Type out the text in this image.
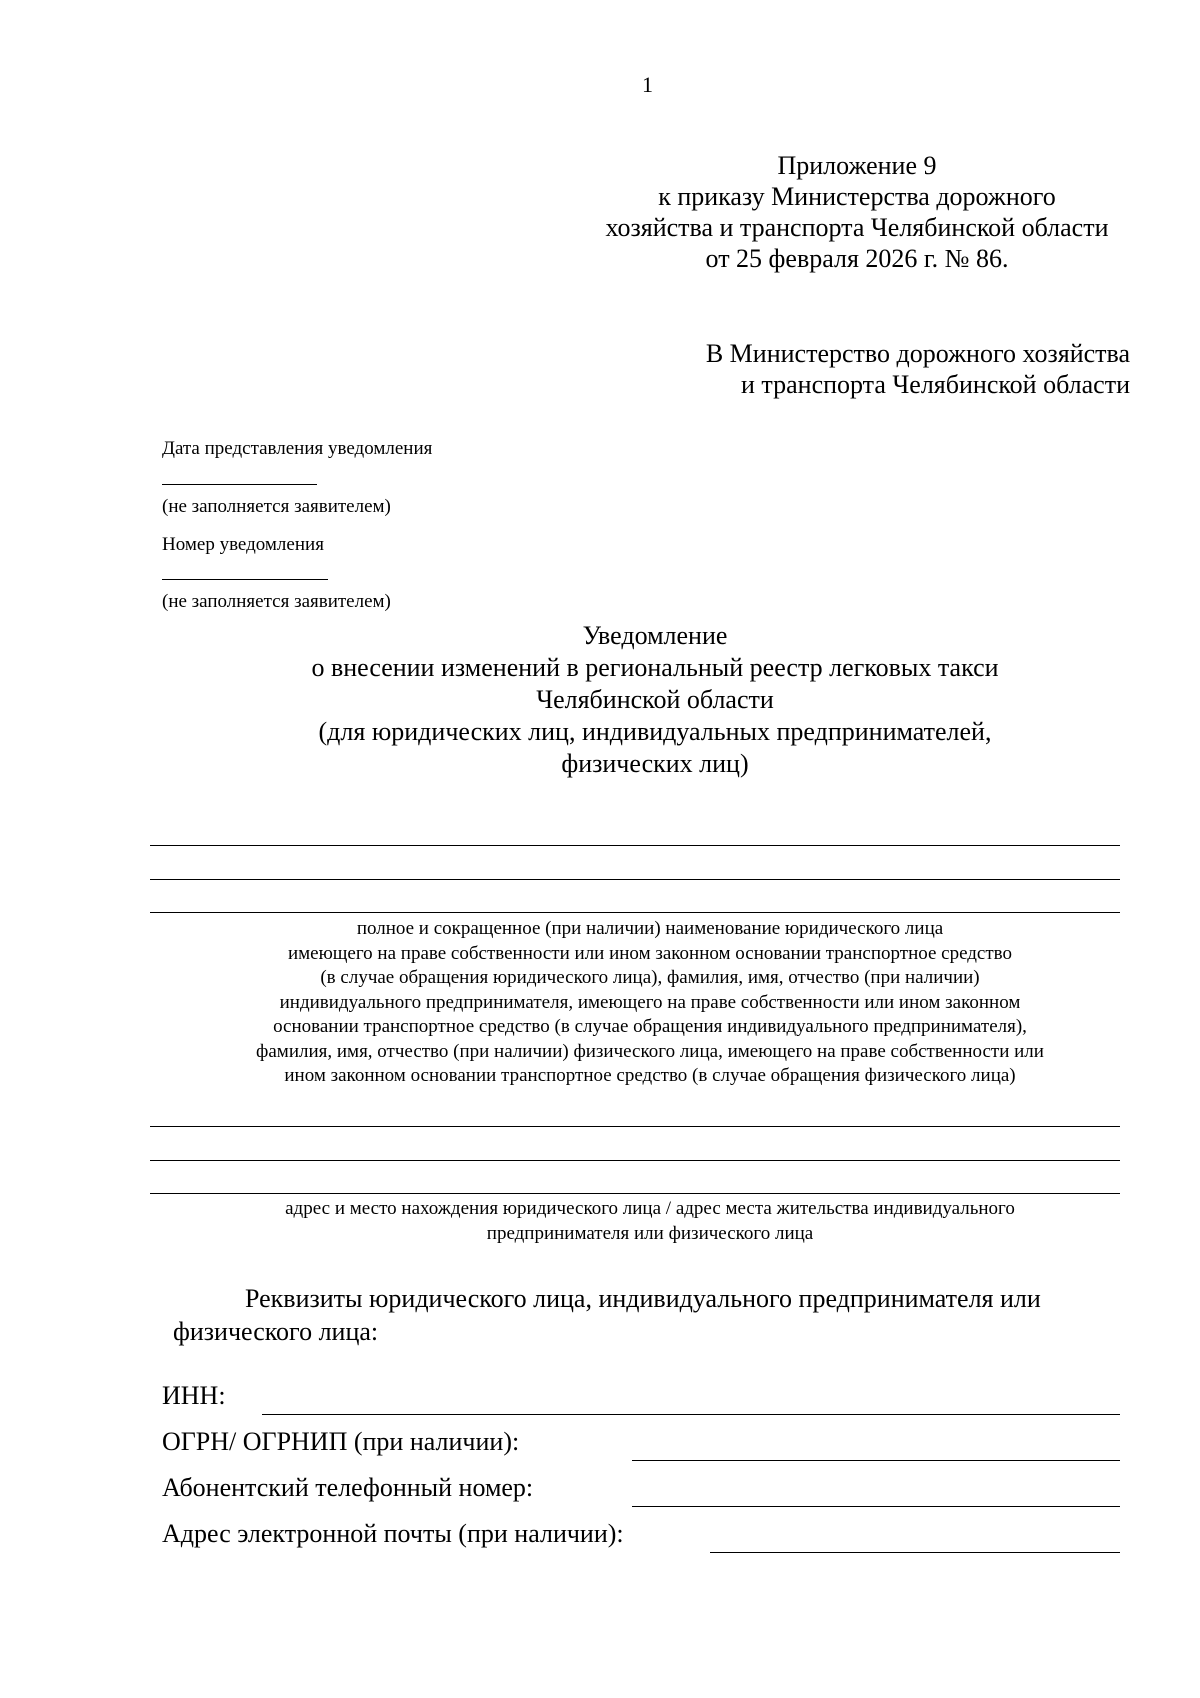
1
Приложение 9
к приказу Министерства дорожного
хозяйства и транспорта Челябинской области
от 25 февраля 2026 г. № 86.
В Министерство дорожного хозяйства
и транспорта Челябинской области
Дата представления уведомления
(не заполняется заявителем)
Номер уведомления
(не заполняется заявителем)
Уведомление
о внесении изменений в региональный реестр легковых такси
Челябинской области
(для юридических лиц, индивидуальных предпринимателей,
физических лиц)
полное и сокращенное (при наличии) наименование юридического лица
имеющего на праве собственности или ином законном основании транспортное средство
(в случае обращения юридического лица), фамилия, имя, отчество (при наличии)
индивидуального предпринимателя, имеющего на праве собственности или ином законном
основании транспортное средство (в случае обращения индивидуального предпринимателя),
фамилия, имя, отчество (при наличии) физического лица, имеющего на праве собственности или
ином законном основании транспортное средство (в случае обращения физического лица)
адрес и место нахождения юридического лица / адрес места жительства индивидуального
предпринимателя или физического лица
Реквизиты юридического лица, индивидуального предпринимателя или
физического лица:
ИНН:
ОГРН/ ОГРНИП (при наличии):
Абонентский телефонный номер:
Адрес электронной почты (при наличии):
